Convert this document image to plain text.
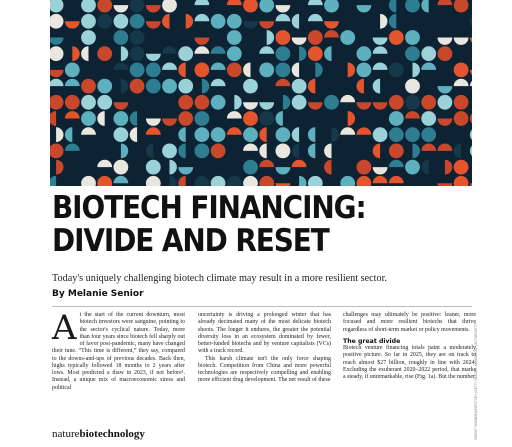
CREDIT: FRANKRAMSPOTT/E+/GETTY IMAGES; KANGAROO VECTOR/GETTY
BIOTECH FINANCING:
DIVIDE AND RESET

Today's uniquely challenging biotech climate may result in a more resilient sector.

By Melanie Senior

At the start of the current downturn, most biotech investors were sanguine, pointing to the sector's cyclical nature. Today, more than four years since biotech fell sharply out of favor post-pandemic, many have changed their tune. “This time is different,” they say, compared to the downs-and-ups of previous decades. Back then, highs typically followed 18 months to 2 years after lows. Most predicted a thaw in 2023, if not before¹. Instead, a unique mix of macroeconomic stress and political

uncertainty is driving a prolonged winter that has already decimated many of the most delicate biotech shoots. The longer it endures, the greater the potential diversity loss in an ecosystem dominated by fewer, better-funded biotechs and by venture capitalists (VCs) with a track record.

This harsh climate isn't the only force shaping biotech. Competition from China and more powerful technologies are respectively compelling and enabling more efficient drug development. The net result of these

challenges may ultimately be positive: leaner, more focused and more resilient biotechs that thrive regardless of short-term market or policy movements.

The great divide

Biotech venture financing totals paint a moderately positive picture. So far in 2025, they are on track to reach almost $27 billion, roughly in line with 2024. Excluding the exuberant 2020–2022 period, that marks a steady, if unremarkable, rise (Fig. 1a). But the number

naturebiotechnology
